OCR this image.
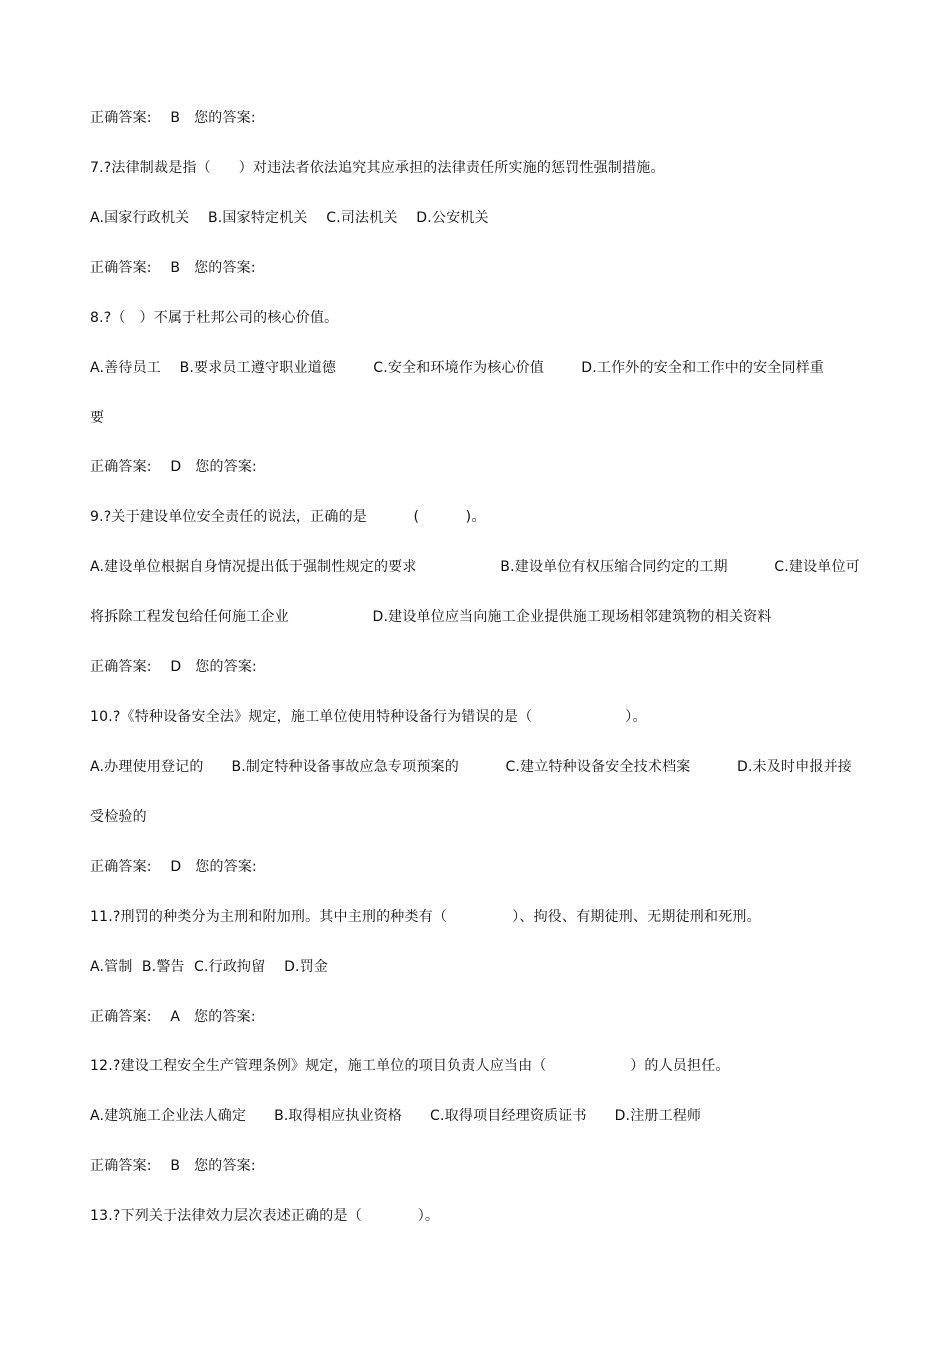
正确答案:    B   您的答案:
7.?法律制裁是指（      ）对违法者依法追究其应承担的法律责任所实施的惩罚性强制措施。
A.国家行政机关    B.国家特定机关    C.司法机关    D.公安机关
正确答案:    B   您的答案:
8.?（   ）不属于杜邦公司的核心价值。
A.善待员工    B.要求员工遵守职业道德        C.安全和环境作为核心价值        D.工作外的安全和工作中的安全同样重
要
正确答案:    D   您的答案:
9.?关于建设单位安全责任的说法，正确的是          (          )。
A.建设单位根据自身情况提出低于强制性规定的要求                  B.建设单位有权压缩合同约定的工期          C.建设单位可
将拆除工程发包给任何施工企业                  D.建设单位应当向施工企业提供施工现场相邻建筑物的相关资料
正确答案:    D   您的答案:
10.?《特种设备安全法》规定，施工单位使用特种设备行为错误的是（                    ）。
A.办理使用登记的      B.制定特种设备事故应急专项预案的          C.建立特种设备安全技术档案          D.未及时申报并接
受检验的
正确答案:    D   您的答案:
11.?刑罚的种类分为主刑和附加刑。其中主刑的种类有（              ）、拘役、有期徒刑、无期徒刑和死刑。
A.管制  B.警告  C.行政拘留    D.罚金
正确答案:    A   您的答案:
12.?建设工程安全生产管理条例》规定，施工单位的项目负责人应当由（                  ）的人员担任。
A.建筑施工企业法人确定      B.取得相应执业资格      C.取得项目经理资质证书      D.注册工程师
正确答案:    B   您的答案:
13.?下列关于法律效力层次表述正确的是（            ）。
